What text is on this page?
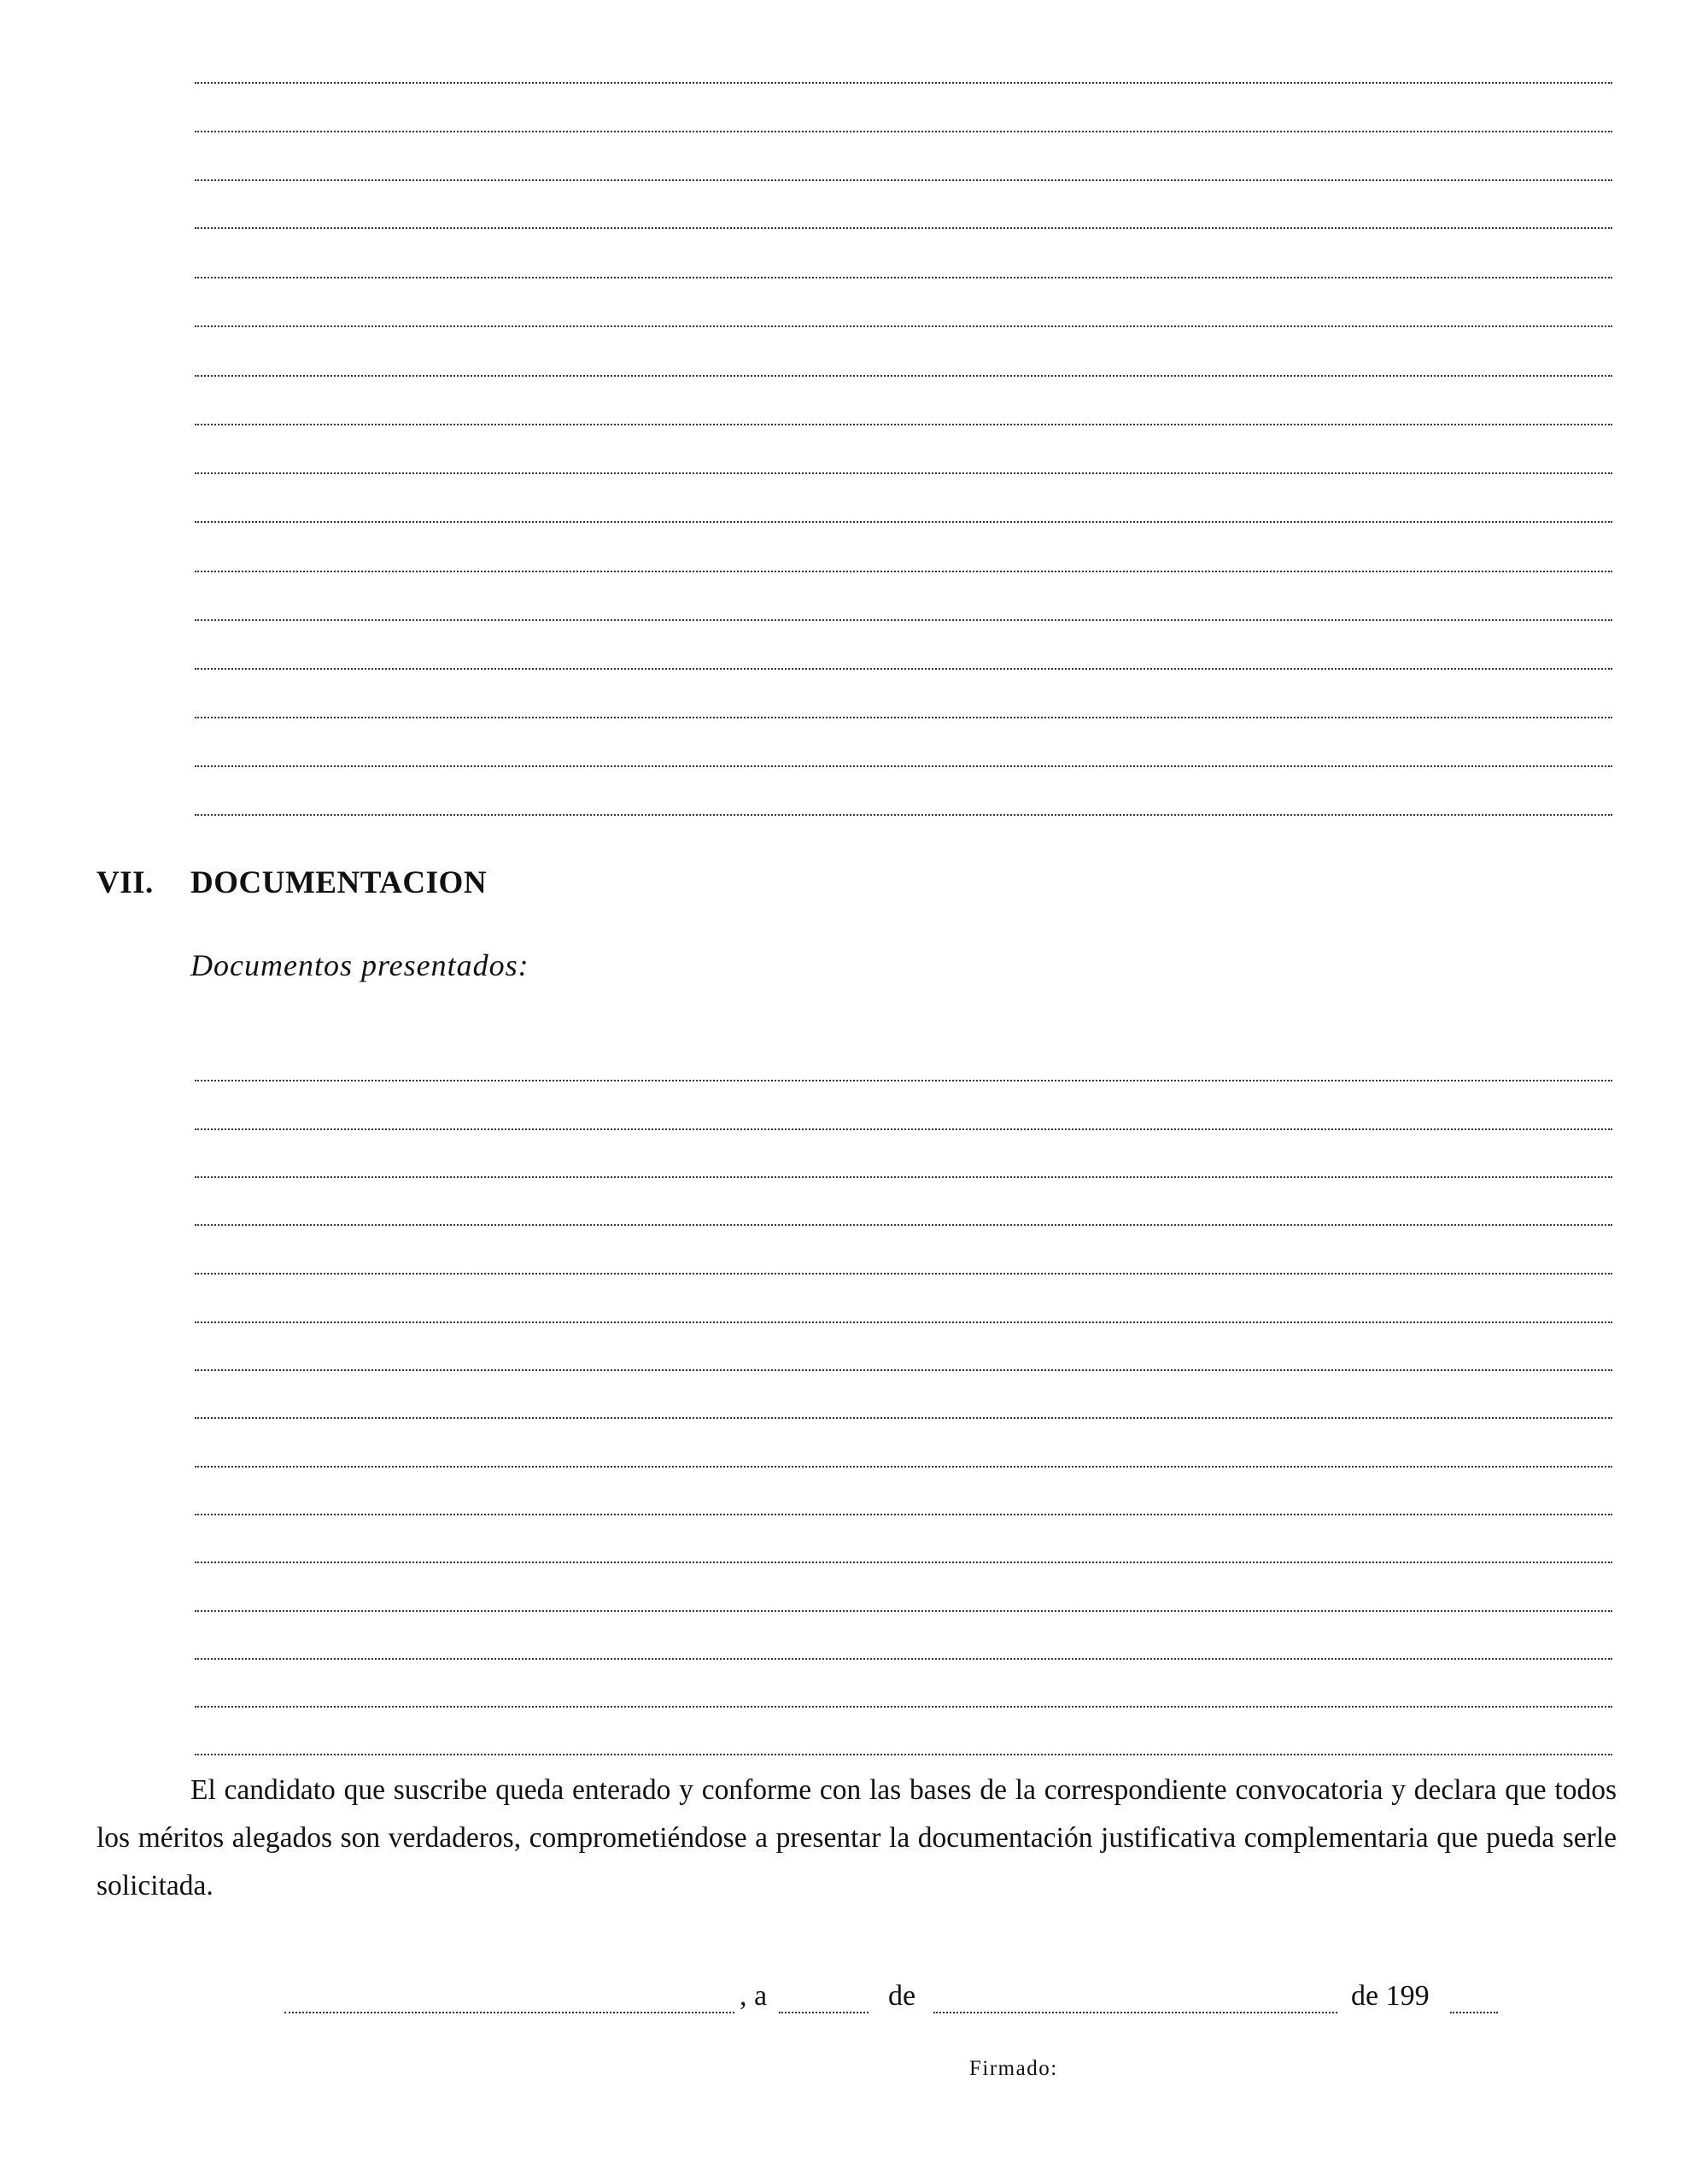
VII. DOCUMENTACION

Documentos presentados:

El candidato que suscribe queda enterado y conforme con las bases de la correspondiente convocatoria y declara que todos los méritos alegados son verdaderos, comprometiéndose a presentar la documentación justificativa complementaria que pueda serle solicitada.

, a	de	de 199
Firmado:
